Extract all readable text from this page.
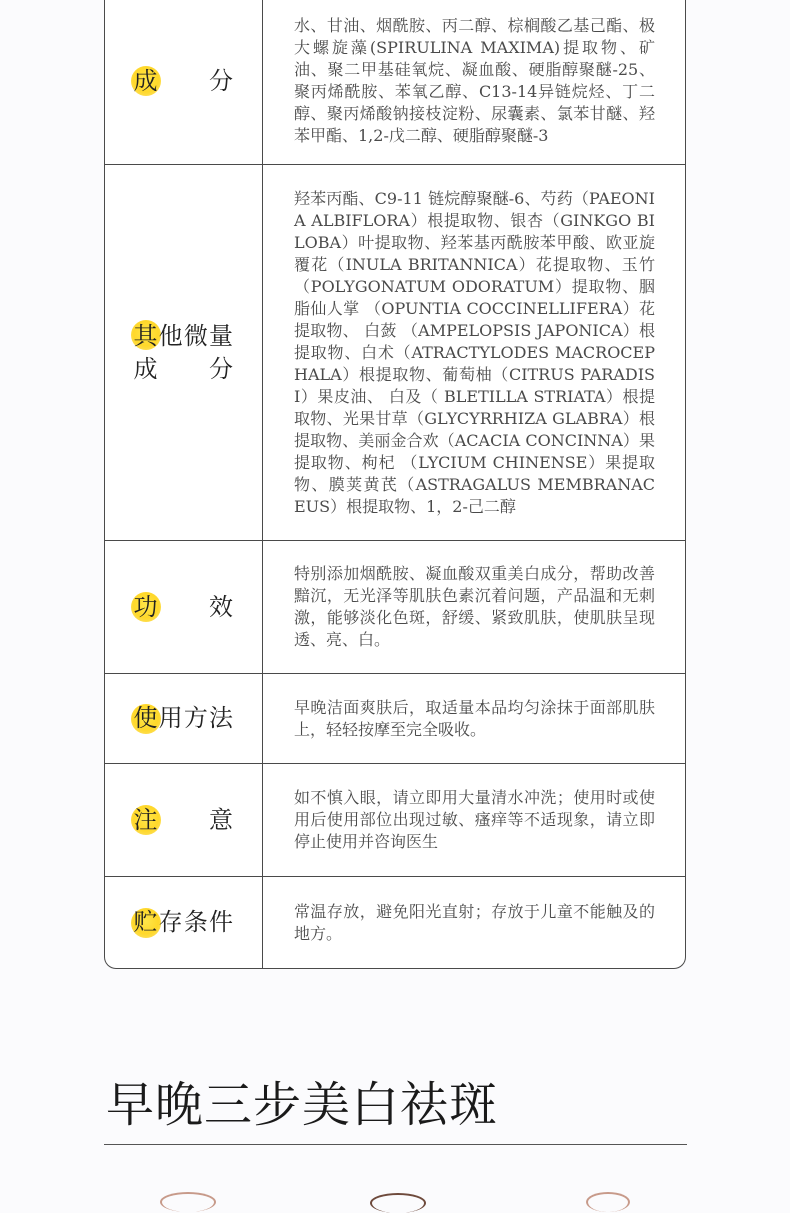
成分
水、甘油、烟酰胺、丙二醇、棕榈酸乙基己酯、极大螺旋藻(SPIRULINA MAXIMA)提取物、矿油、聚二甲基硅氧烷、凝血酸、硬脂醇聚醚-25、聚丙烯酰胺、苯氧乙醇、C13-14异链烷烃、丁二醇、聚丙烯酸钠接枝淀粉、尿囊素、氯苯甘醚、羟苯甲酯、1,2-戊二醇、硬脂醇聚醚-3
其他微量成分
羟苯丙酯、C9-11 链烷醇聚醚-6、芍药（PAEONIA ALBIFLORA）根提取物、银杏（GINKGO BILOBA）叶提取物、羟苯基丙酰胺苯甲酸、欧亚旋覆花（INULA BRITANNICA）花提取物、玉竹（POLYGONATUM ODORATUM）提取物、胭脂仙人掌 （OPUNTIA COCCINELLIFERA）花提取物、 白蔹 （AMPELOPSIS JAPONICA）根提取物、白术（ATRACTYLODES MACROCEPHALA）根提取物、葡萄柚（CITRUS PARADISI）果皮油、 白及（ BLETILLA STRIATA）根提取物、光果甘草（GLYCYRRHIZA GLABRA）根提取物、美丽金合欢（ACACIA CONCINNA）果提取物、枸杞 （LYCIUM CHINENSE）果提取物、膜荚黄芪（ASTRAGALUS MEMBRANACEUS）根提取物、1，2-己二醇
功效
特别添加烟酰胺、凝血酸双重美白成分，帮助改善黯沉，无光泽等肌肤色素沉着问题，产品温和无刺激，能够淡化色斑，舒缓、紧致肌肤，使肌肤呈现透、亮、白。
使用方法	早晚洁面爽肤后，取适量本品均匀涂抹于面部肌肤上，轻轻按摩至完全吸收。
注意
如不慎入眼，请立即用大量清水冲洗；使用时或使用后使用部位出现过敏、瘙痒等不适现象，请立即停止使用并咨询医生
贮存条件	常温存放，避免阳光直射；存放于儿童不能触及的地方。
早晚三步美白祛斑
